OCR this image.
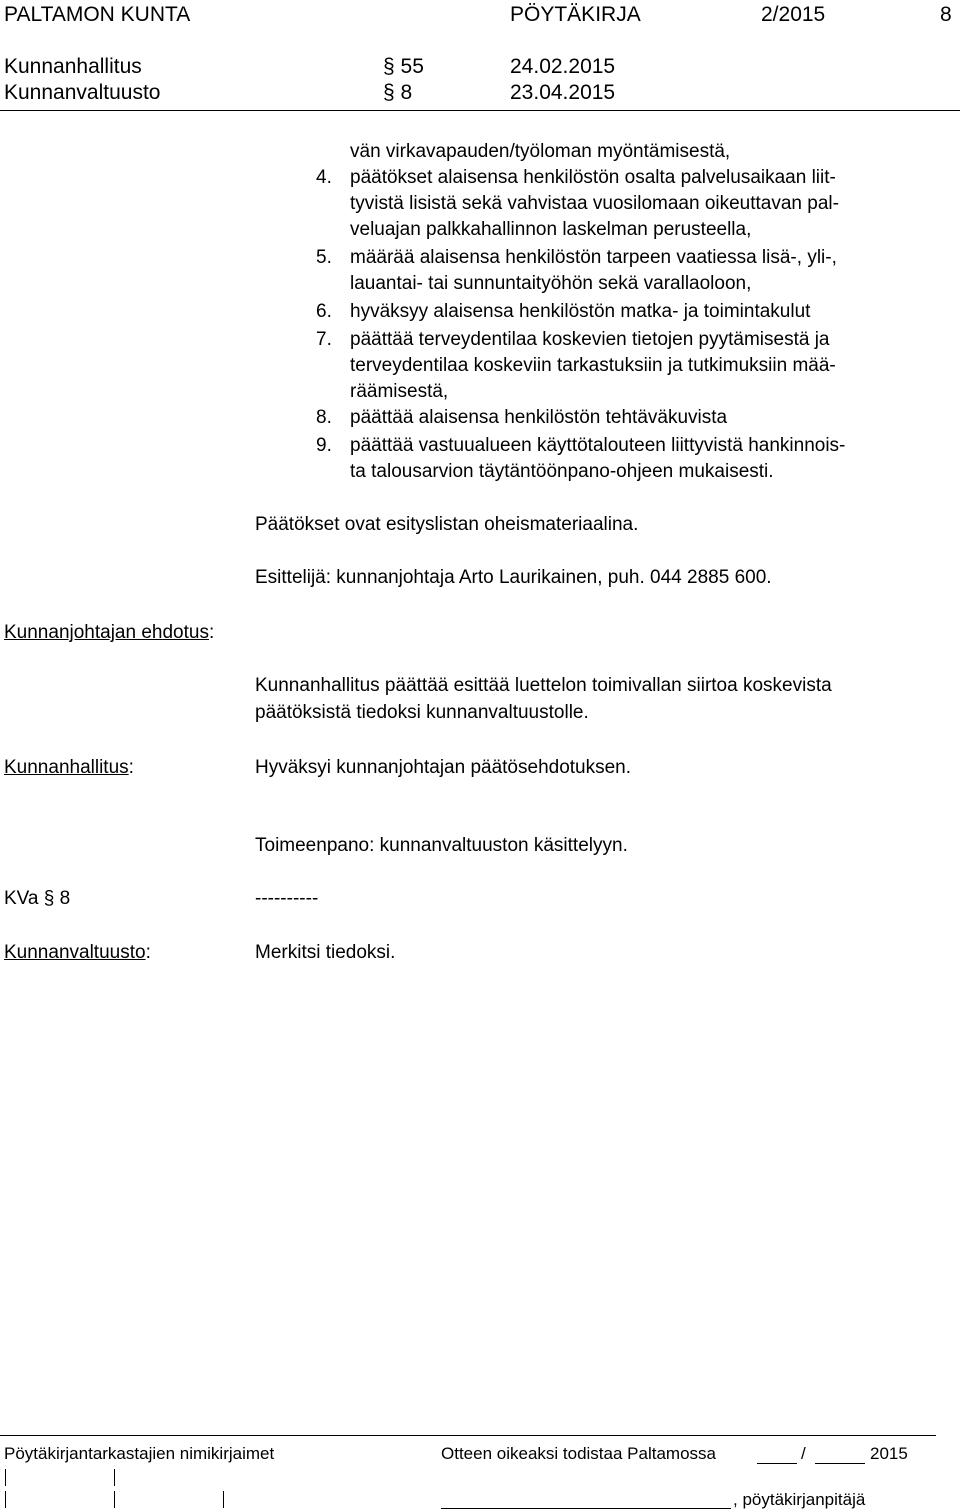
PALTAMON KUNTA	PÖYTÄKIRJA	2/2015	8
Kunnanhallitus	§ 55	24.02.2015
Kunnanvaltuusto	§ 8	23.04.2015
vän virkavapauden/työloman myöntämisestä,
4. päätökset alaisensa henkilöstön osalta palvelusaikaan liit-
tyvistä lisistä sekä vahvistaa vuosilomaan oikeuttavan pal-
veluajan palkkahallinnon laskelman perusteella,
5. määrää alaisensa henkilöstön tarpeen vaatiessa lisä-, yli-,
lauantai- tai sunnuntaityöhön sekä varallaoloon,
6. hyväksyy alaisensa henkilöstön matka- ja toimintakulut
7. päättää terveydentilaa koskevien tietojen pyytämisestä ja
terveydentilaa koskeviin tarkastuksiin ja tutkimuksiin mää-
räämisestä,
8. päättää alaisensa henkilöstön tehtäväkuvista
9. päättää vastuualueen käyttötalouteen liittyvistä hankinnois-
ta talousarvion täytäntöönpano-ohjeen mukaisesti.
Päätökset ovat esityslistan oheismateriaalina.
Esittelijä: kunnanjohtaja Arto Laurikainen, puh. 044 2885 600.
Kunnanjohtajan ehdotus:
Kunnanhallitus päättää esittää luettelon toimivallan siirtoa koskevista
päätöksistä tiedoksi kunnanvaltuustolle.
Kunnanhallitus:	Hyväksyi kunnanjohtajan päätösehdotuksen.
Toimeenpano: kunnanvaltuuston käsittelyyn.
KVa § 8	----------
Kunnanvaltuusto:	Merkitsi tiedoksi.
Pöytäkirjantarkastajien nimikirjaimet	Otteen oikeaksi todistaa Paltamossa	/	2015
, pöytäkirjanpitäjä
